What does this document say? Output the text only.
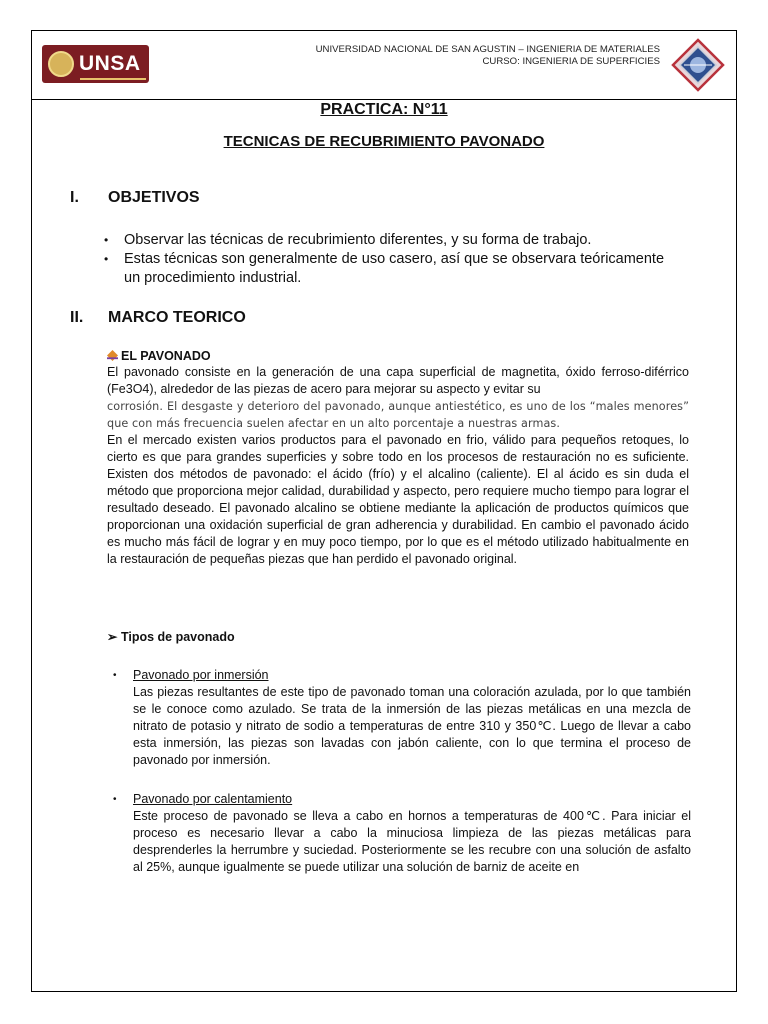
UNSA
UNIVERSIDAD NACIONAL DE SAN AGUSTIN – INGENIERIA DE MATERIALES
CURSO: INGENIERIA DE SUPERFICIES
PRACTICA: N°11
TECNICAS DE RECUBRIMIENTO PAVONADO
I. OBJETIVOS
• Observar las técnicas de recubrimiento diferentes, y su forma de trabajo.
• Estas técnicas son generalmente de uso casero, así que se observara teóricamente un procedimiento industrial.
II. MARCO TEORICO
EL PAVONADO
El pavonado consiste en la generación de una capa superficial de magnetita, óxido ferroso-diférrico (Fe3O4), alrededor de las piezas de acero para mejorar su aspecto y evitar su
corrosión. El desgaste y deterioro del pavonado, aunque antiestético, es uno de los “males menores” que con más frecuencia suelen afectar en un alto porcentaje a nuestras armas.
En el mercado existen varios productos para el pavonado en frio, válido para pequeños retoques, lo cierto es que para grandes superficies y sobre todo en los procesos de restauración no es suficiente. Existen dos métodos de pavonado: el ácido (frío) y el alcalino (caliente). El al ácido es sin duda el método que proporciona mejor calidad, durabilidad y aspecto, pero requiere mucho tiempo para lograr el resultado deseado. El pavonado alcalino se obtiene mediante la aplicación de productos químicos que proporcionan una oxidación superficial de gran adherencia y durabilidad. En cambio el pavonado ácido es mucho más fácil de lograr y en muy poco tiempo, por lo que es el método utilizado habitualmente en la restauración de pequeñas piezas que han perdido el pavonado original.
➢ Tipos de pavonado
• Pavonado por inmersión
Las piezas resultantes de este tipo de pavonado toman una coloración azulada, por lo que también se le conoce como azulado. Se trata de la inmersión de las piezas metálicas en una mezcla de nitrato de potasio y nitrato de sodio a temperaturas de entre 310 y 350℃. Luego de llevar a cabo esta inmersión, las piezas son lavadas con jabón caliente, con lo que termina el proceso de pavonado por inmersión.
• Pavonado por calentamiento
Este proceso de pavonado se lleva a cabo en hornos a temperaturas de 400℃. Para iniciar el proceso es necesario llevar a cabo la minuciosa limpieza de las piezas metálicas para desprenderles la herrumbre y suciedad. Posteriormente se les recubre con una solución de asfalto al 25%, aunque igualmente se puede utilizar una solución de barniz de aceite en
